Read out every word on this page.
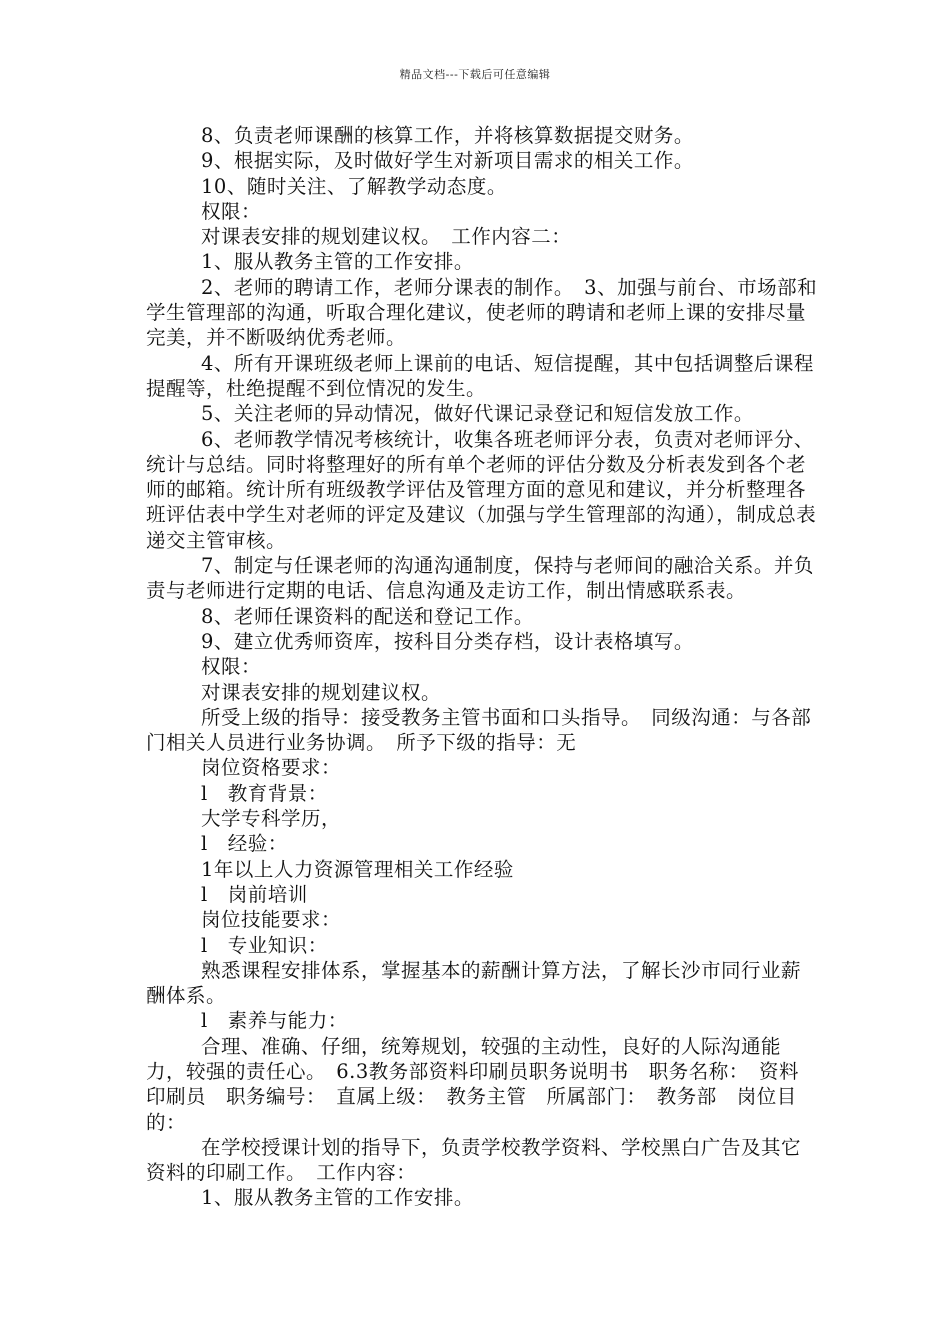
精品文档---下载后可任意编辑

8、负责老师课酬的核算工作，并将核算数据提交财务。

9、根据实际，及时做好学生对新项目需求的相关工作。

10、随时关注、了解教学动态度。

权限：

对课表安排的规划建议权。　工作内容二：

1、服从教务主管的工作安排。

2、老师的聘请工作，老师分课表的制作。　3、加强与前台、市场部和学生管理部的沟通，听取合理化建议，使老师的聘请和老师上课的安排尽量完美，并不断吸纳优秀老师。

4、所有开课班级老师上课前的电话、短信提醒，其中包括调整后课程提醒等，杜绝提醒不到位情况的发生。

5、关注老师的异动情况，做好代课记录登记和短信发放工作。

6、老师教学情况考核统计，收集各班老师评分表，负责对老师评分、统计与总结。同时将整理好的所有单个老师的评估分数及分析表发到各个老师的邮箱。统计所有班级教学评估及管理方面的意见和建议，并分析整理各班评估表中学生对老师的评定及建议（加强与学生管理部的沟通），制成总表递交主管审核。

7、制定与任课老师的沟通沟通制度，保持与老师间的融洽关系。并负责与老师进行定期的电话、信息沟通及走访工作，制出情感联系表。

8、老师任课资料的配送和登记工作。

9、建立优秀师资库，按科目分类存档，设计表格填写。

权限：

对课表安排的规划建议权。

所受上级的指导：接受教务主管书面和口头指导。　同级沟通：与各部门相关人员进行业务协调。　所予下级的指导：无

岗位资格要求：

l　教育背景：

大学专科学历，

l　经验：

1年以上人力资源管理相关工作经验

l　岗前培训

岗位技能要求：

l　专业知识：

熟悉课程安排体系，掌握基本的薪酬计算方法，了解长沙市同行业薪酬体系。

l　素养与能力：

合理、准确、仔细，统筹规划，较强的主动性，良好的人际沟通能力，较强的责任心。　6.3教务部资料印刷员职务说明书　职务名称：　资料印刷员　职务编号：　直属上级：　教务主管　所属部门：　教务部　岗位目的：

在学校授课计划的指导下，负责学校教学资料、学校黑白广告及其它资料的印刷工作。　工作内容：

1、服从教务主管的工作安排。
